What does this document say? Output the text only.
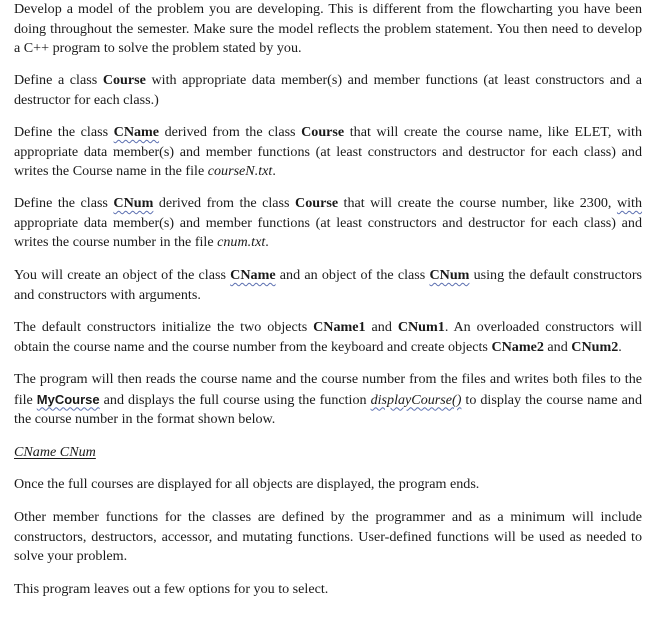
Develop a model of the problem you are developing. This is different from the flowcharting you have been doing throughout the semester. Make sure the model reflects the problem statement. You then need to develop a C++ program to solve the problem stated by you.

Define a class Course with appropriate data member(s) and member functions (at least constructors and a destructor for each class.)

Define the class CName derived from the class Course that will create the course name, like ELET, with appropriate data member(s) and member functions (at least constructors and destructor for each class) and writes the Course name in the file courseN.txt.

Define the class CNum derived from the class Course that will create the course number, like 2300, with appropriate data member(s) and member functions (at least constructors and destructor for each class) and writes the course number in the file cnum.txt.

You will create an object of the class CName and an object of the class CNum using the default constructors and constructors with arguments.

The default constructors initialize the two objects CName1 and CNum1. An overloaded constructors will obtain the course name and the course number from the keyboard and create objects CName2 and CNum2.

The program will then reads the course name and the course number from the files and writes both files to the file MyCourse and displays the full course using the function displayCourse() to display the course name and the course number in the format shown below.

CName CNum

Once the full courses are displayed for all objects are displayed, the program ends.

Other member functions for the classes are defined by the programmer and as a minimum will include constructors, destructors, accessor, and mutating functions. User-defined functions will be used as needed to solve your problem.

This program leaves out a few options for you to select.
